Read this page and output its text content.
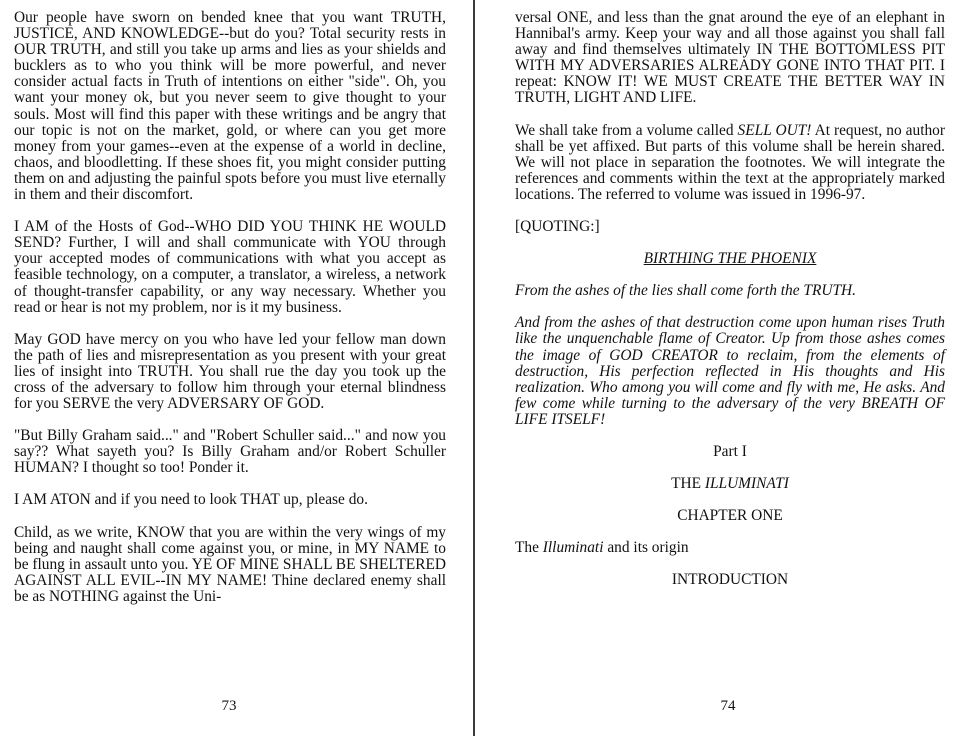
Our people have sworn on bended knee that you want TRUTH, JUSTICE, AND KNOWLEDGE--but do you? Total security rests in OUR TRUTH, and still you take up arms and lies as your shields and bucklers as to who you think will be more powerful, and never consider actual facts in Truth of intentions on either "side". Oh, you want your money ok, but you never seem to give thought to your souls. Most will find this paper with these writings and be angry that our topic is not on the market, gold, or where can you get more money from your games--even at the expense of a world in decline, chaos, and bloodletting. If these shoes fit, you might consider putting them on and adjusting the painful spots before you must live eternally in them and their discomfort.

I AM of the Hosts of God--WHO DID YOU THINK HE WOULD SEND? Further, I will and shall communicate with YOU through your accepted modes of communications with what you accept as feasible technology, on a computer, a translator, a wireless, a network of thought-transfer capability, or any way necessary. Whether you read or hear is not my problem, nor is it my business.

May GOD have mercy on you who have led your fellow man down the path of lies and misrepresentation as you present with your great lies of insight into TRUTH. You shall rue the day you took up the cross of the adversary to follow him through your eternal blindness for you SERVE the very ADVERSARY OF GOD.

"But Billy Graham said..." and "Robert Schuller said..." and now you say?? What sayeth you? Is Billy Graham and/or Robert Schuller HUMAN? I thought so too! Ponder it.

I AM ATON and if you need to look THAT up, please do.

Child, as we write, KNOW that you are within the very wings of my being and naught shall come against you, or mine, in MY NAME to be flung in assault unto you. YE OF MINE SHALL BE SHELTERED AGAINST ALL EVIL--IN MY NAME! Thine declared enemy shall be as NOTHING against the Uni-

73

versal ONE, and less than the gnat around the eye of an elephant in Hannibal's army. Keep your way and all those against you shall fall away and find themselves ultimately IN THE BOTTOMLESS PIT WITH MY ADVERSARIES ALREADY GONE INTO THAT PIT. I repeat: KNOW IT! WE MUST CREATE THE BETTER WAY IN TRUTH, LIGHT AND LIFE.

We shall take from a volume called SELL OUT! At request, no author shall be yet affixed. But parts of this volume shall be herein shared. We will not place in separation the footnotes. We will integrate the references and comments within the text at the appropriately marked locations. The referred to volume was issued in 1996-97.

[QUOTING:]

BIRTHING THE PHOENIX

From the ashes of the lies shall come forth the TRUTH.

And from the ashes of that destruction come upon human rises Truth like the unquenchable flame of Creator. Up from those ashes comes the image of GOD CREATOR to reclaim, from the elements of destruction, His perfection reflected in His thoughts and His realization. Who among you will come and fly with me, He asks. And few come while turning to the adversary of the very BREATH OF LIFE ITSELF!

Part I

THE ILLUMINATI

CHAPTER ONE

The Illuminati and its origin

INTRODUCTION

74
